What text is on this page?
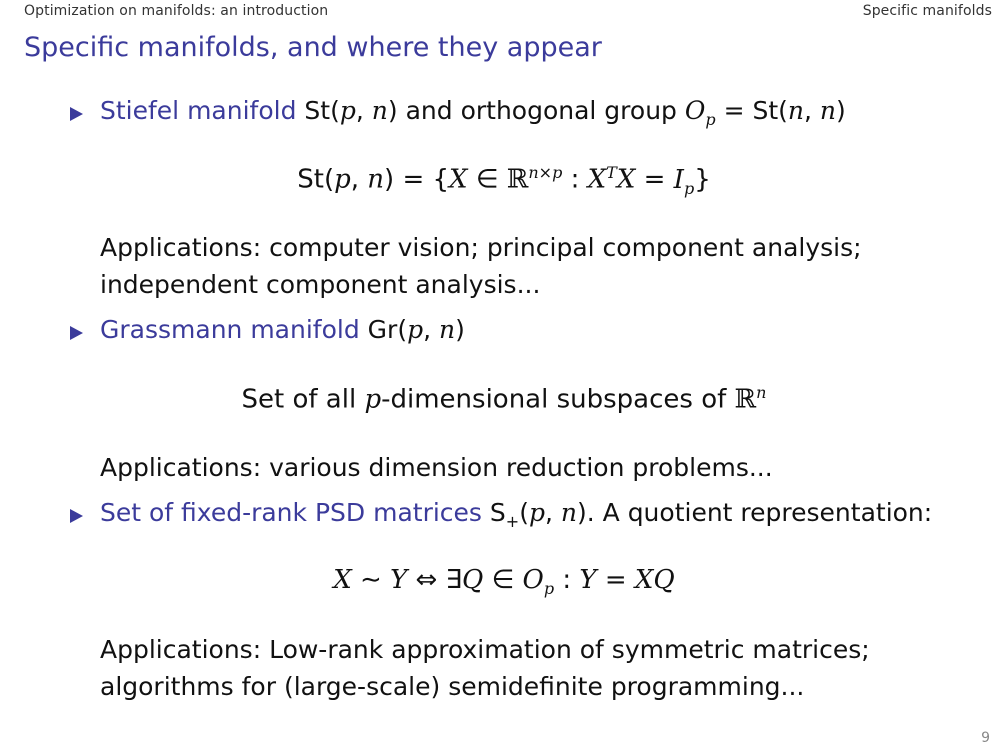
Optimization on manifolds: an introduction	Specific manifolds
Specific manifolds, and where they appear
Stiefel manifold St(p, n) and orthogonal group $O_p = St(n$, n)
St(p, n) = {X ∈ ℝ$^{n\times p}$ : $X^TX = I_p$}
Applications: computer vision; principal component analysis;
independent component analysis...
Grassmann manifold Gr(p, n)
Set of all p-dimensional subspaces of ℝ$^n$
Applications: various dimension reduction problems...
Set of fixed-rank PSD matrices $S_+(p$, n). A quotient representation:
X ∼ Y ⇔ ∃Q ∈ $O_p$ : Y = XQ
Applications: Low-rank approximation of symmetric matrices;
algorithms for (large-scale) semidefinite programming...
9
